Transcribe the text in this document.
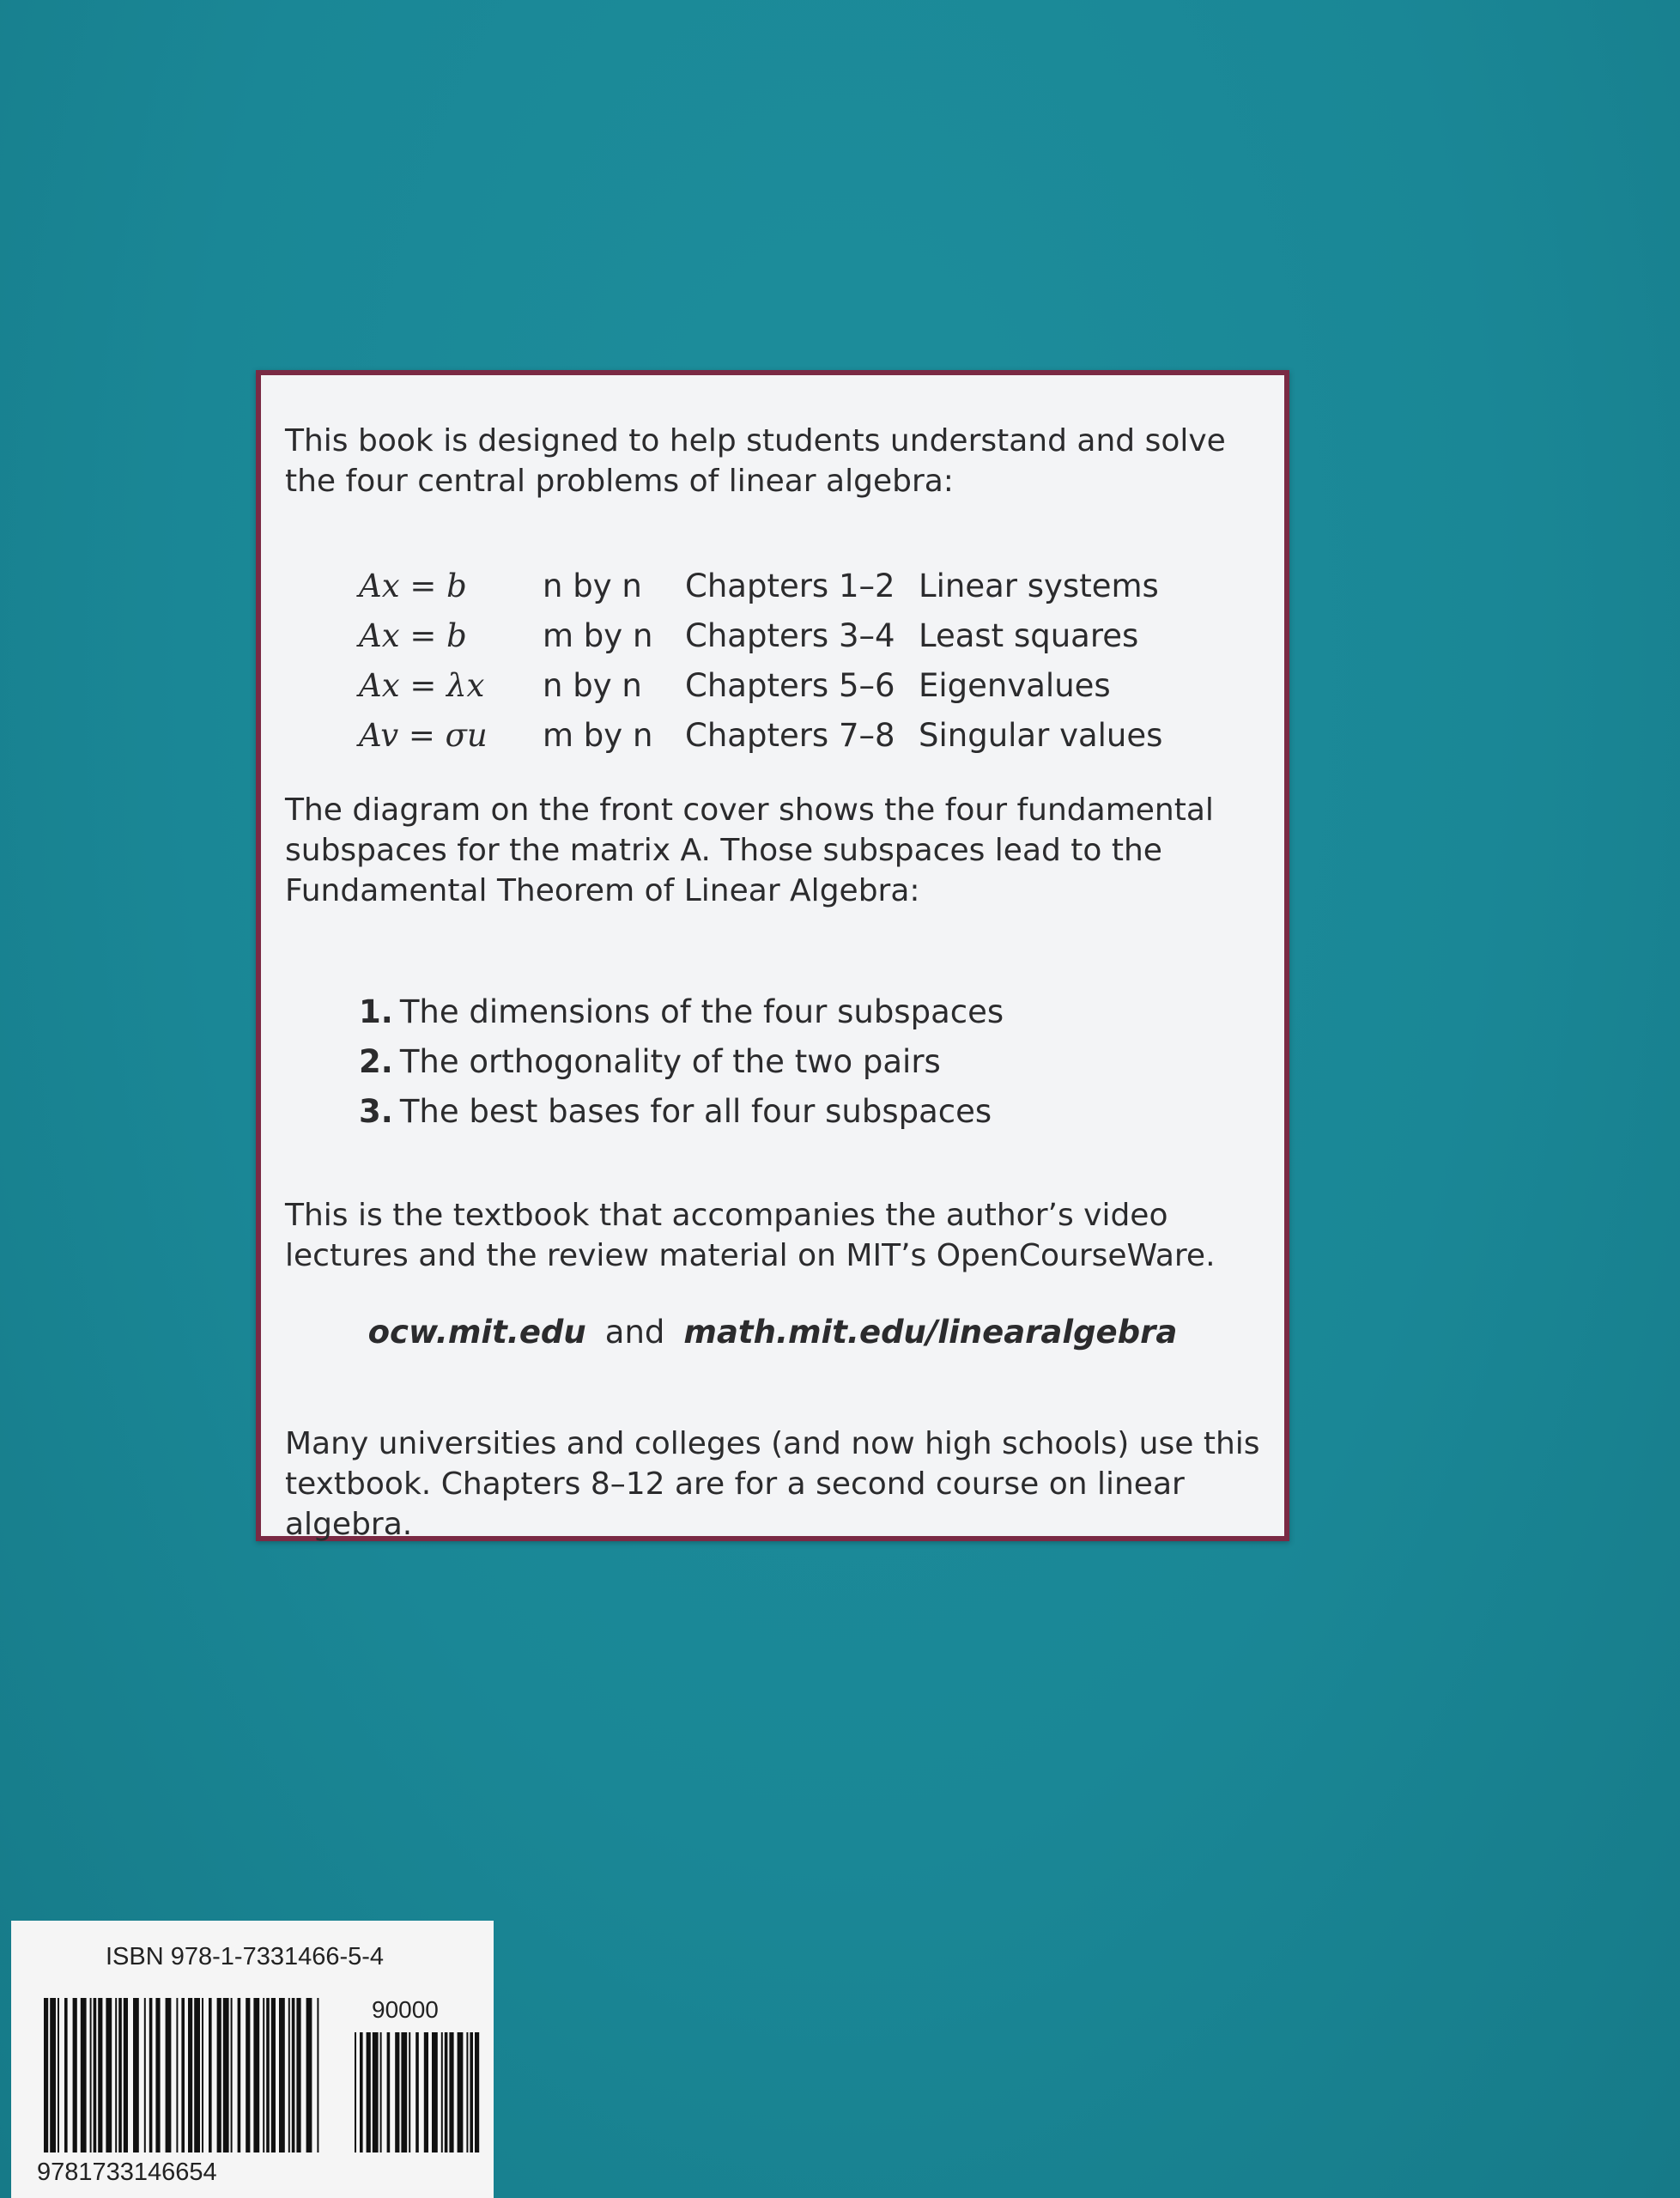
This book is designed to help students understand and solve the four central problems of linear algebra:

Ax = b	n by n	Chapters 1–2	Linear systems
Ax = b	m by n	Chapters 3–4	Least squares
Ax = λx	n by n	Chapters 5–6	Eigenvalues
Av = σu	m by n	Chapters 7–8	Singular values

The diagram on the front cover shows the four fundamental subspaces for the matrix A. Those subspaces lead to the Fundamental Theorem of Linear Algebra:

1. The dimensions of the four subspaces
2. The orthogonality of the two pairs
3. The best bases for all four subspaces

This is the textbook that accompanies the author’s video lectures and the review material on MIT’s OpenCourseWare.

ocw.mit.edu and math.mit.edu/linearalgebra

Many universities and colleges (and now high schools) use this textbook. Chapters 8–12 are for a second course on linear algebra.

ISBN 978-1-7331466-5-4
90000
9781733146654
